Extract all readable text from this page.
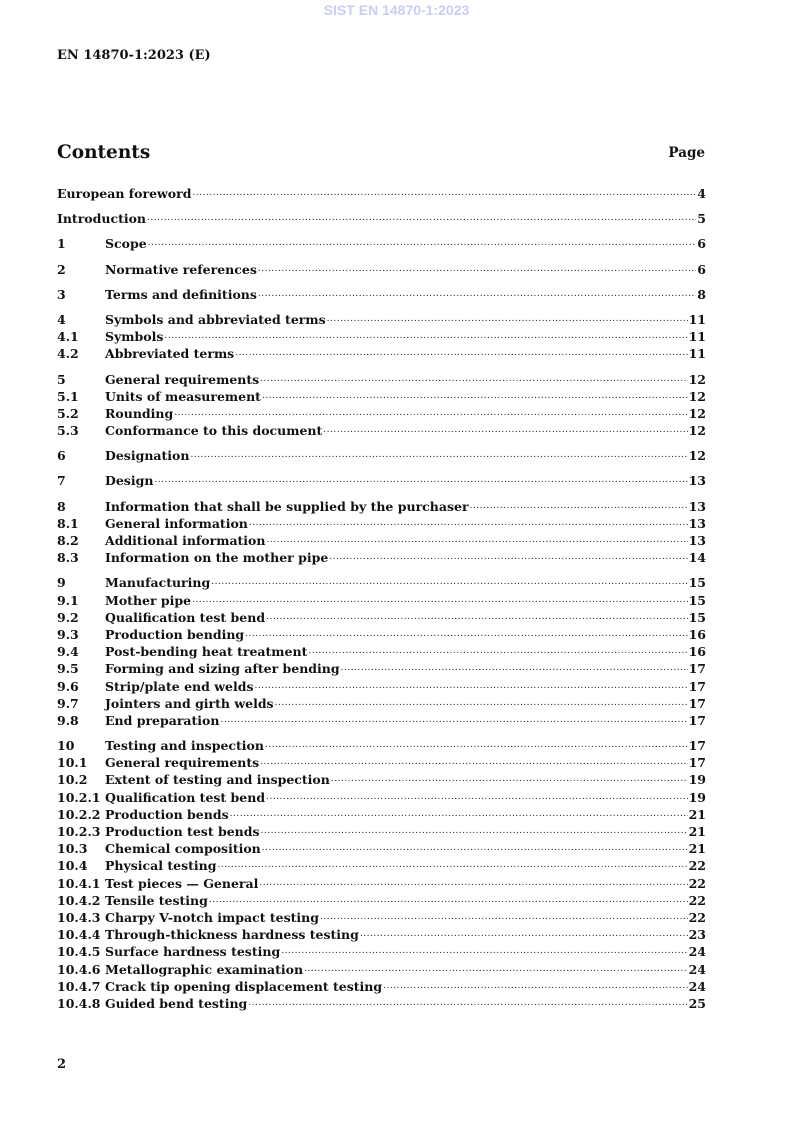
SIST EN 14870-1:2023
EN 14870-1:2023 (E)
Contents	Page
European foreword .....	4
Introduction .....	5
1	Scope .....	6
2	Normative references .....	6
3	Terms and definitions .....	8
4	Symbols and abbreviated terms .....	11
4.1 Symbols .....	11
4.2 Abbreviated terms .....	11
5	General requirements .....	12
5.1 Units of measurement .....	12
5.2 Rounding .....	12
5.3 Conformance to this document .....	12
6	Designation .....	12
7	Design .....	13
8	Information that shall be supplied by the purchaser .....	13
8.1 General information .....	13
8.2 Additional information .....	13
8.3 Information on the mother pipe .....	14
9	Manufacturing .....	15
9.1 Mother pipe .....	15
9.2 Qualification test bend .....	15
9.3 Production bending .....	16
9.4 Post-bending heat treatment .....	16
9.5 Forming and sizing after bending .....	17
9.6 Strip/plate end welds .....	17
9.7 Jointers and girth welds .....	17
9.8 End preparation .....	17
10 Testing and inspection .....	17
10.1 General requirements .....	17
10.2 Extent of testing and inspection .....	19
10.2.1 Qualification test bend .....	19
10.2.2 Production bends .....	21
10.2.3 Production test bends .....	21
10.3 Chemical composition .....	21
10.4 Physical testing .....	22
10.4.1 Test pieces — General .....	22
10.4.2 Tensile testing .....	22
10.4.3 Charpy V-notch impact testing .....	22
10.4.4 Through-thickness hardness testing .....	23
10.4.5 Surface hardness testing .....	24
10.4.6 Metallographic examination .....	24
10.4.7 Crack tip opening displacement testing .....	24
10.4.8 Guided bend testing .....	25
2
